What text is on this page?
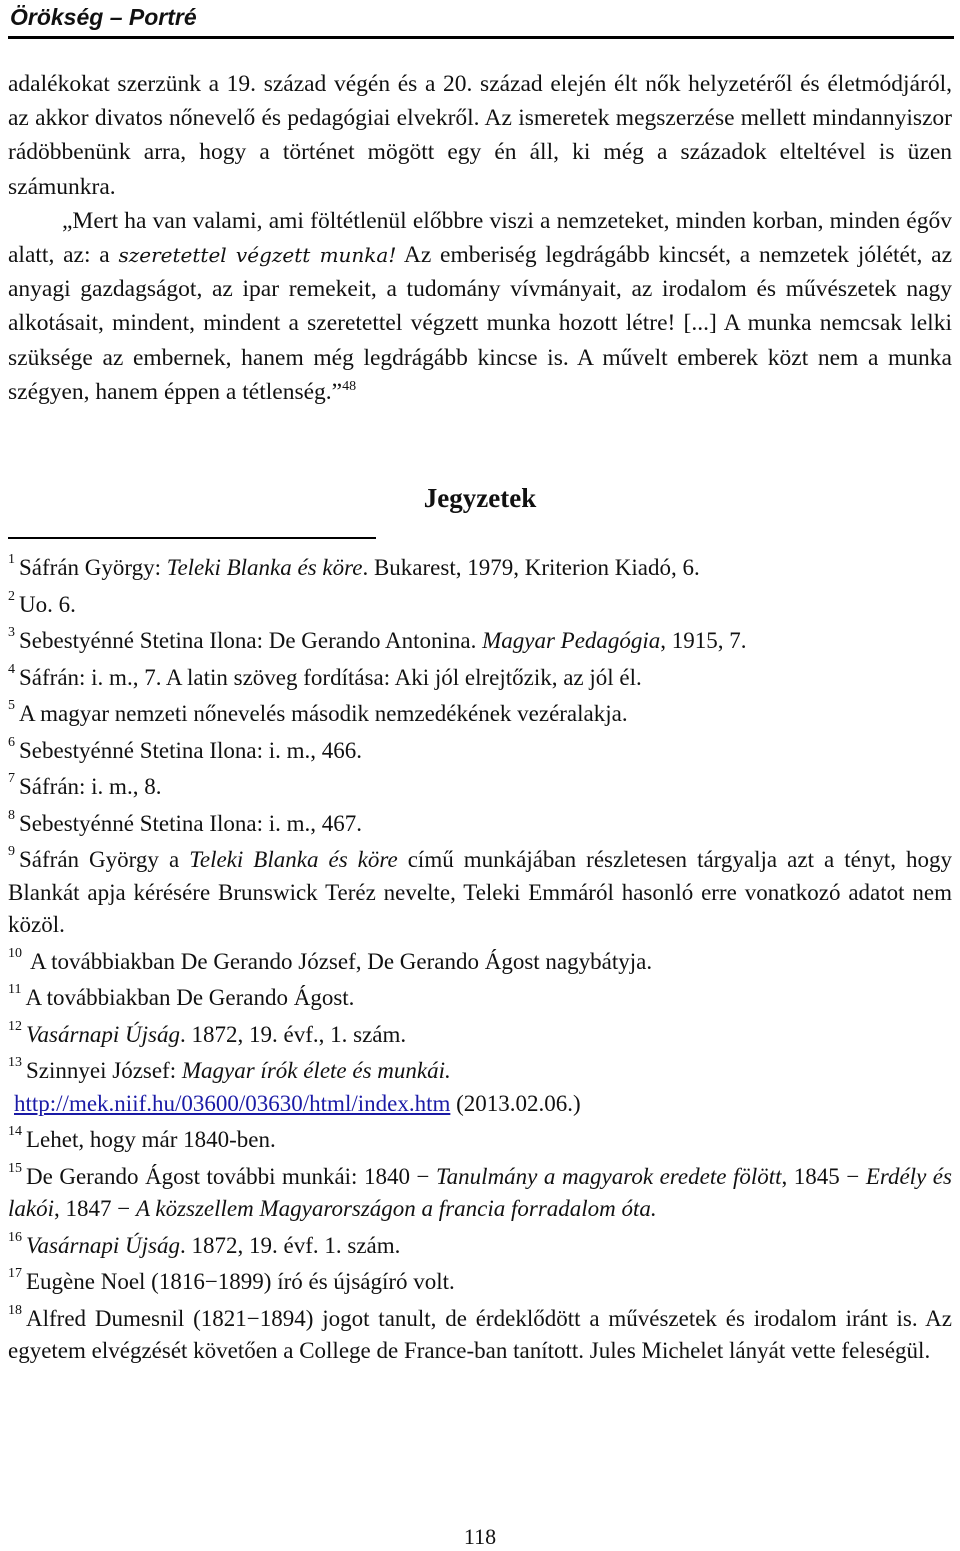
Örökség – Portré

adalékokat szerzünk a 19. század végén és a 20. század elején élt nők helyzetéről és életmódjáról, az akkor divatos nőnevelő és pedagógiai elvekről. Az ismeretek megszerzése mellett mindannyiszor rádöbbenünk arra, hogy a történet mögött egy én áll, ki még a századok elteltével is üzen számunkra.

„Mert ha van valami, ami föltétlenül előbbre viszi a nemzeteket, minden korban, minden égőv alatt, az: a szeretettel végzett munka! Az emberiség legdrágább kincsét, a nemzetek jólétét, az anyagi gazdagságot, az ipar remekeit, a tudomány vívmányait, az irodalom és művészetek nagy alkotásait, mindent, mindent a szeretettel végzett munka hozott létre! [...] A munka nemcsak lelki szüksége az embernek, hanem még legdrágább kincse is. A művelt emberek közt nem a munka szégyen, hanem éppen a tétlenség.”$^{48}$

Jegyzetek
$^1$ Sáfrán György: Teleki Blanka és köre. Bukarest, 1979, Kriterion Kiadó, 6.
$^2$ Uo. 6.
$^3$ Sebestyénné Stetina Ilona: De Gerando Antonina. Magyar Pedagógia, 1915, 7.
$^4$ Sáfrán: i. m., 7. A latin szöveg fordítása: Aki jól elrejtőzik, az jól él.
$^5$ A magyar nemzeti nőnevelés második nemzedékének vezéralakja.
$^6$ Sebestyénné Stetina Ilona: i. m., 466.
$^7$ Sáfrán: i. m., 8.
$^8$ Sebestyénné Stetina Ilona: i. m., 467.
$^9$ Sáfrán György a Teleki Blanka és köre című munkájában részletesen tárgyalja azt a tényt, hogy Blankát apja kérésére Brunswick Teréz nevelte, Teleki Emmáról hasonló erre vonatkozó adatot nem közöl.
$^{10}$ A továbbiakban De Gerando József, De Gerando Ágost nagybátyja.
$^{11}$ A továbbiakban De Gerando Ágost.
$^{12}$ Vasárnapi Újság. 1872, 19. évf., 1. szám.
$^{13}$ Szinnyei József: Magyar írók élete és munkái.
http://mek.niif.hu/03600/03630/html/index.htm (2013.02.06.)
$^{14}$ Lehet, hogy már 1840-ben.
$^{15}$ De Gerando Ágost további munkái: 1840 − Tanulmány a magyarok eredete fölött, 1845 − Erdély és lakói, 1847 − A közszellem Magyarországon a francia forradalom óta.
$^{16}$ Vasárnapi Újság. 1872, 19. évf. 1. szám.
$^{17}$ Eugène Noel (1816−1899) író és újságíró volt.
$^{18}$ Alfred Dumesnil (1821−1894) jogot tanult, de érdeklődött a művészetek és irodalom iránt is. Az egyetem elvégzését követően a College de France-ban tanított. Jules Michelet lányát vette feleségül.
118
